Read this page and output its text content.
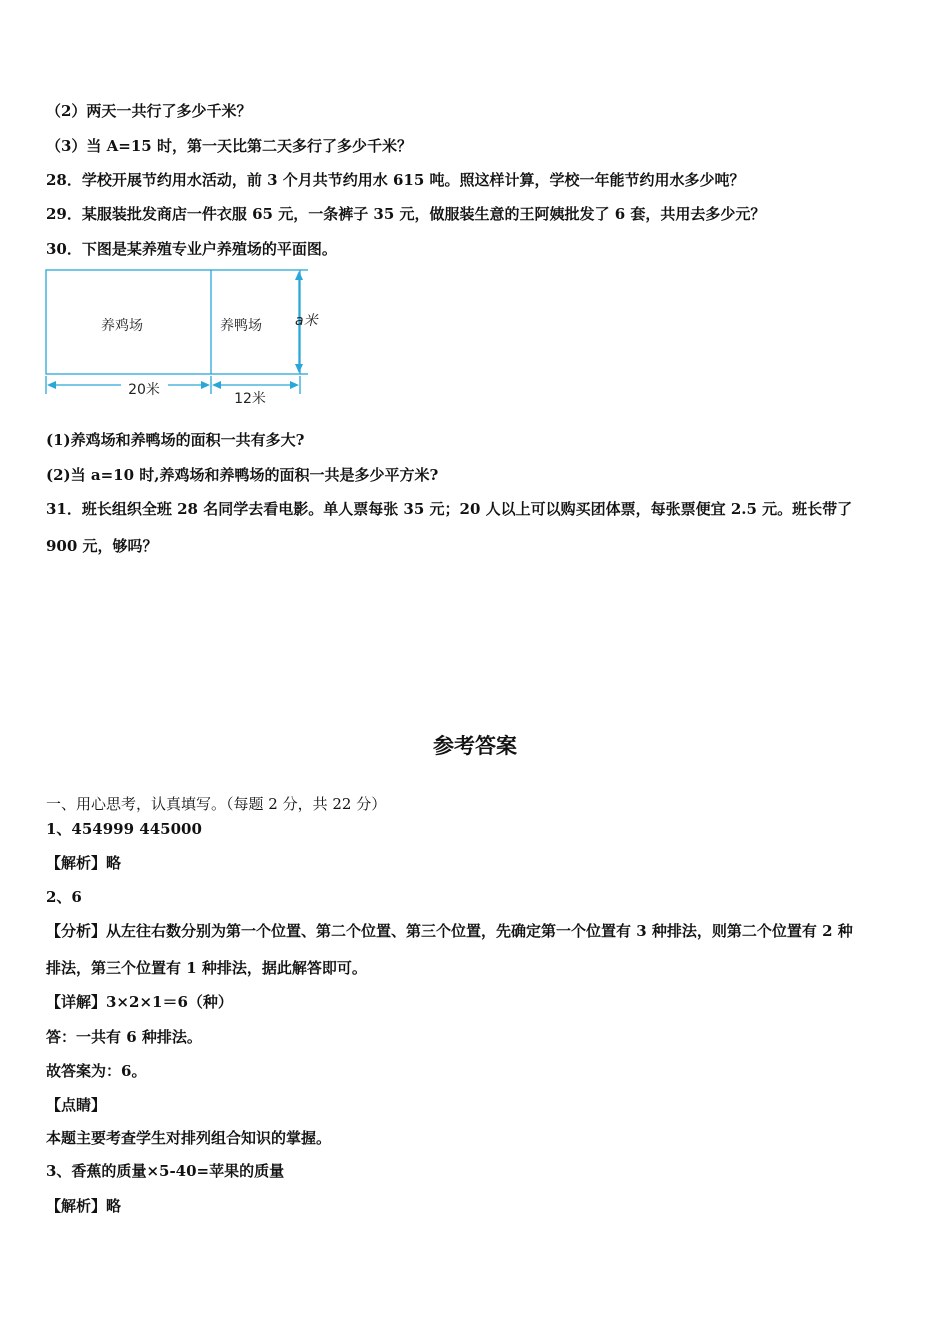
（2）两天一共行了多少千米？
（3）当 A=15 时，第一天比第二天多行了多少千米？
28．学校开展节约用水活动，前 3 个月共节约用水 615 吨。照这样计算，学校一年能节约用水多少吨？
29．某服装批发商店一件衣服 65 元，一条裤子 35 元，做服装生意的王阿姨批发了 6 套，共用去多少元？
30．下图是某养殖专业户养殖场的平面图。
养鸡场	养鸭场 a米
20米
12米
(1)养鸡场和养鸭场的面积一共有多大?
(2)当 a=10 时,养鸡场和养鸭场的面积一共是多少平方米?
31．班长组织全班 28 名同学去看电影。单人票每张 35 元；20 人以上可以购买团体票，每张票便宜 2.5 元。班长带了
900 元，够吗？
参考答案
一、用心思考，认真填写。（每题 2 分，共 22 分）
1、454999 445000
【解析】略
2、6
【分析】从左往右数分别为第一个位置、第二个位置、第三个位置，先确定第一个位置有 3 种排法，则第二个位置有 2 种
排法，第三个位置有 1 种排法，据此解答即可。
【详解】3×2×1＝6（种）
答：一共有 6 种排法。
故答案为：6。
【点睛】
本题主要考查学生对排列组合知识的掌握。
3、香蕉的质量×5-40=苹果的质量
【解析】略
